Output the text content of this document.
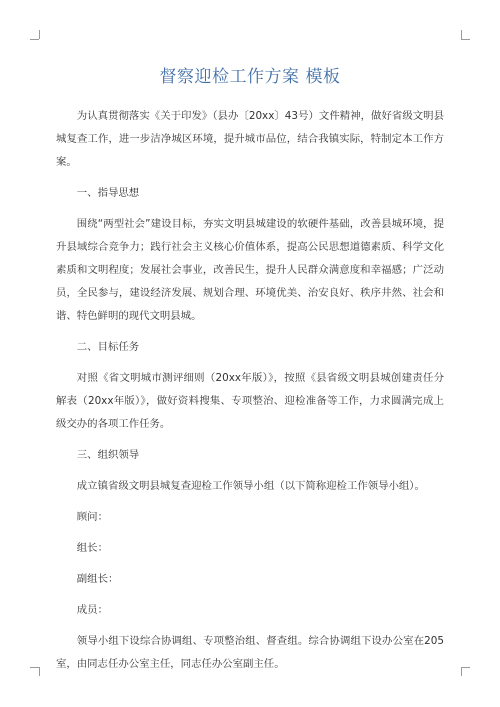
督察迎检工作方案 模板

为认真贯彻落实《关于印发》（县办〔20xx〕43号）文件精神，做好省级文明县城复查工作，进一步洁净城区环境，提升城市品位，结合我镇实际，特制定本工作方案。

一、指导思想

围绕“两型社会”建设目标，夯实文明县城建设的软硬件基础，改善县城环境，提升县域综合竞争力；践行社会主义核心价值体系，提高公民思想道德素质、科学文化素质和文明程度；发展社会事业，改善民生，提升人民群众满意度和幸福感；广泛动员，全民参与，建设经济发展、规划合理、环境优美、治安良好、秩序井然、社会和谐、特色鲜明的现代文明县城。

二、目标任务

对照《省文明城市测评细则（20xx年版）》，按照《县省级文明县城创建责任分解表（20xx年版）》，做好资料搜集、专项整治、迎检准备等工作，力求圆满完成上级交办的各项工作任务。

三、组织领导

成立镇省级文明县城复查迎检工作领导小组（以下简称迎检工作领导小组）。

顾问：

组长：

副组长：

成员：

领导小组下设综合协调组、专项整治组、督查组。综合协调组下设办公室在205室，由同志任办公室主任，同志任办公室副主任。
